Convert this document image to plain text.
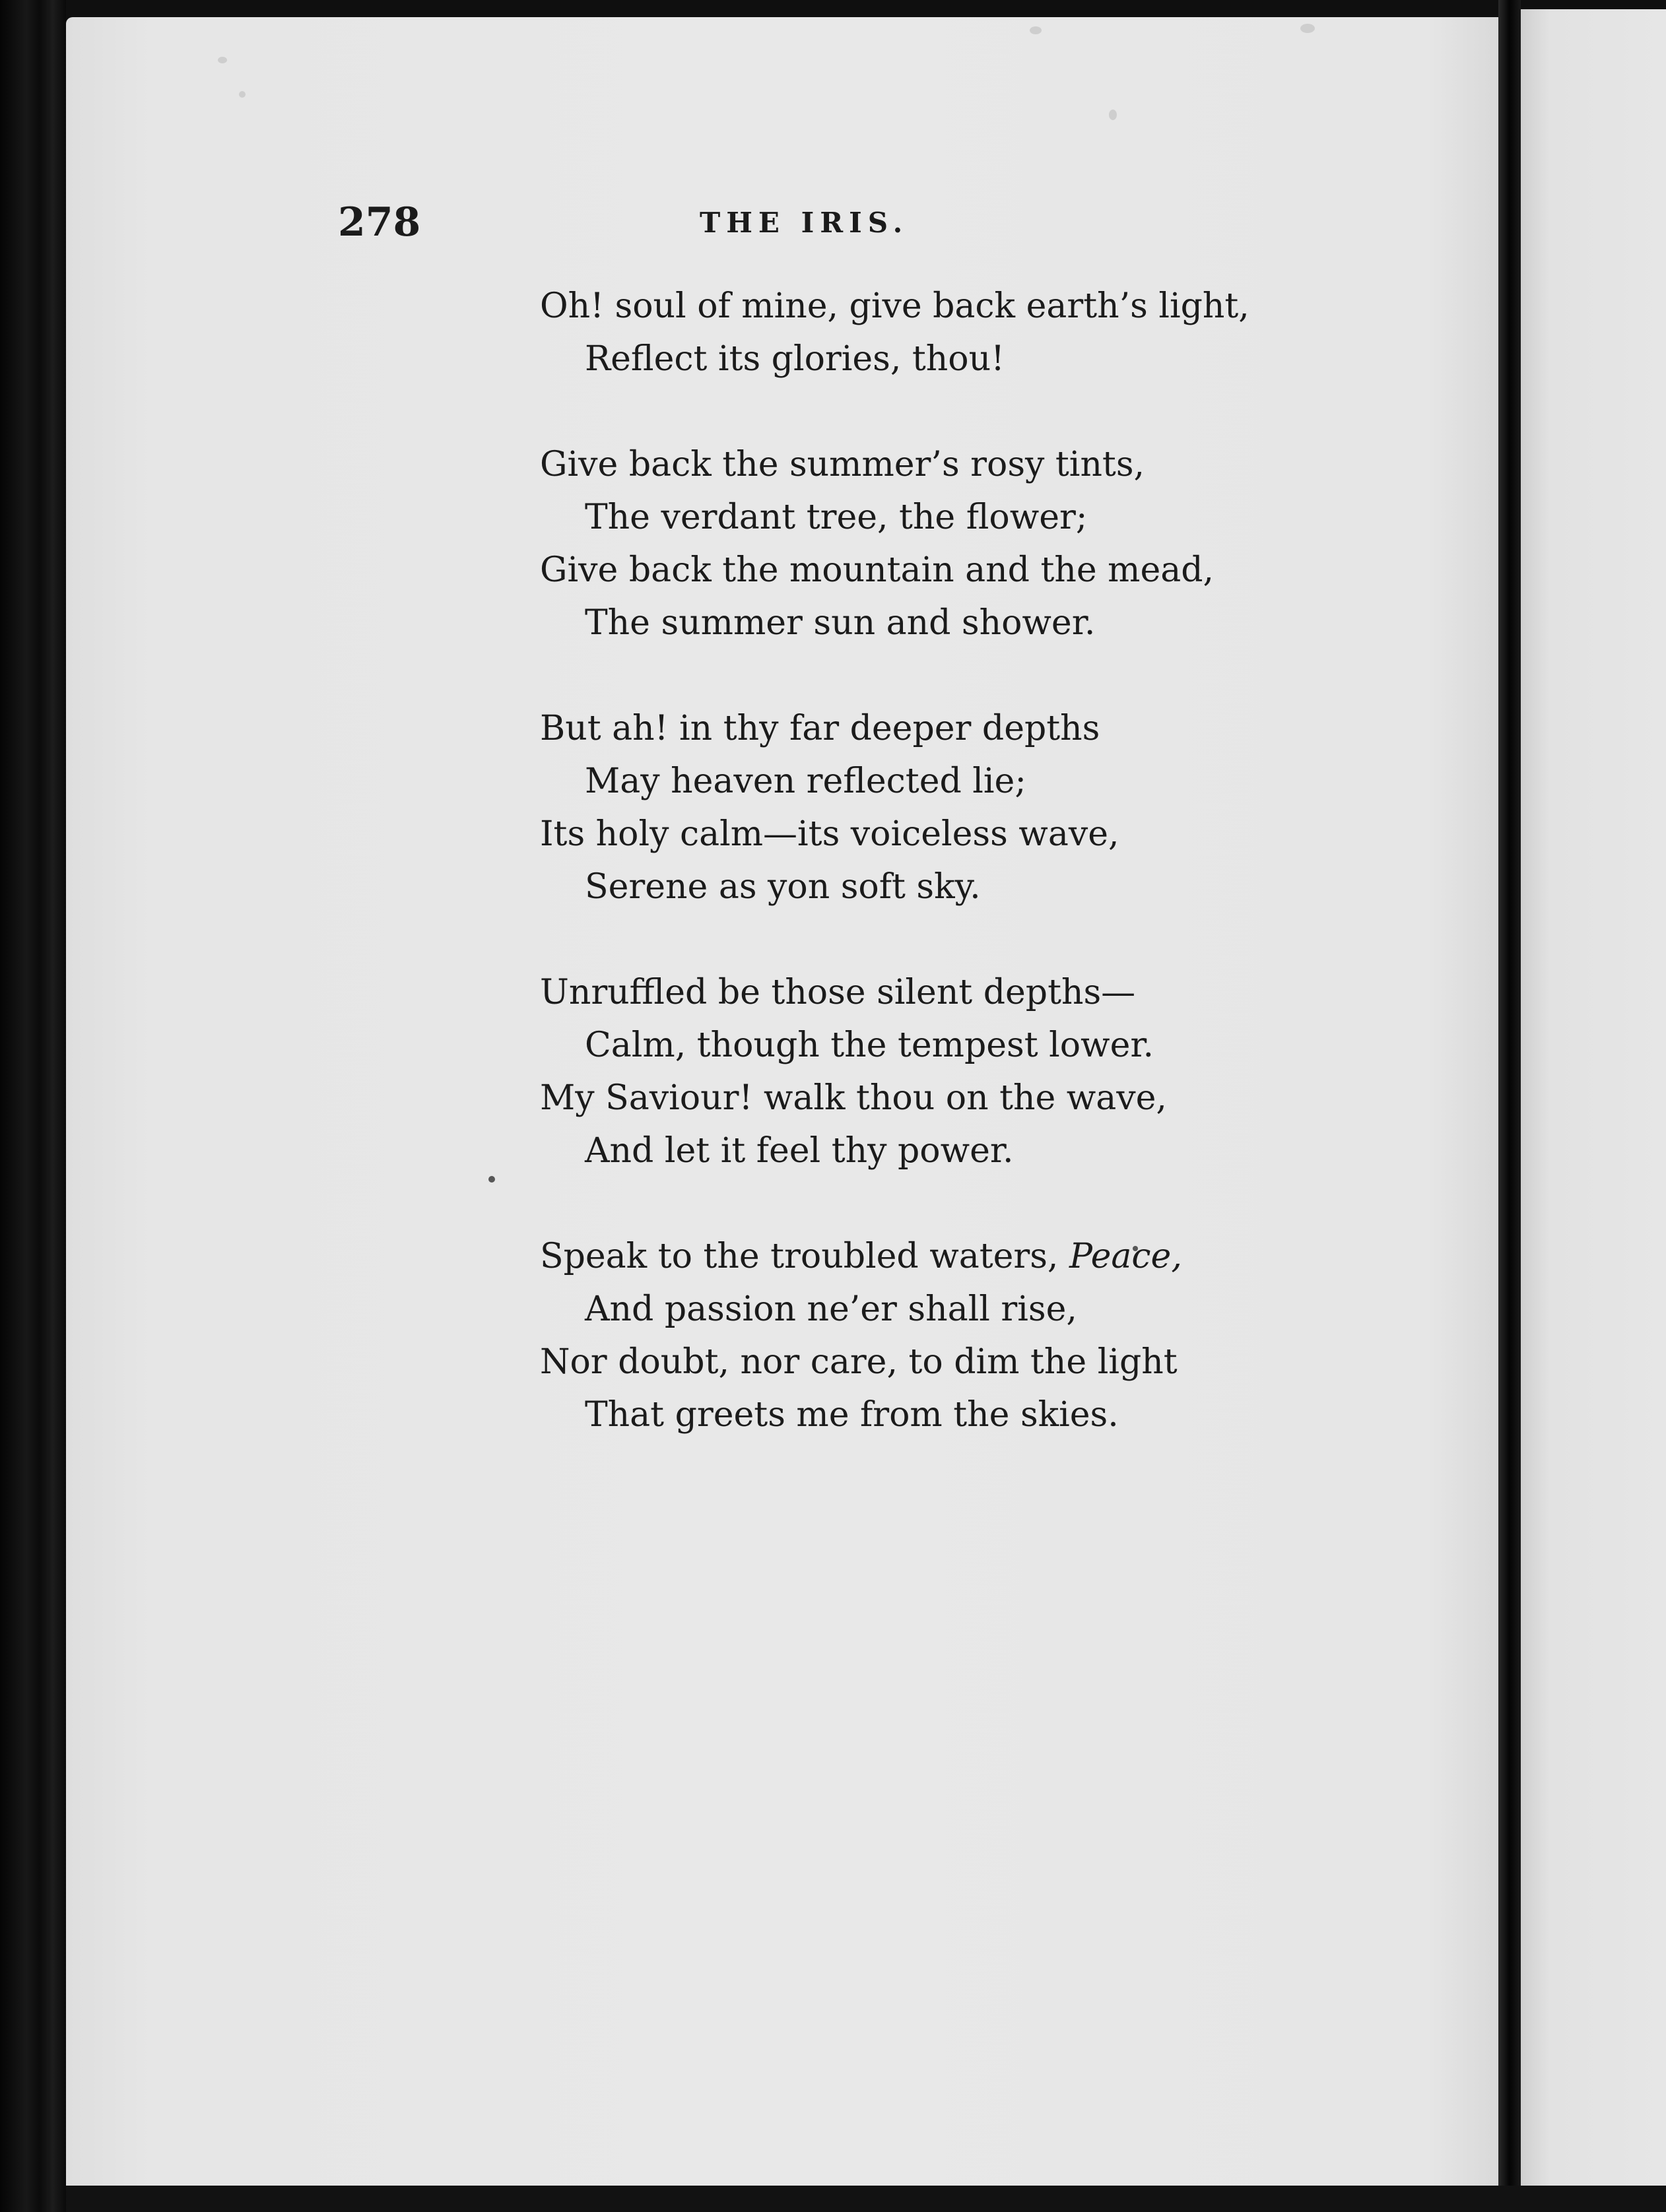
278	THE IRIS.
Oh! soul of mine, give back earth’s light,
Reflect its glories, thou!
Give back the summer’s rosy tints,
The verdant tree, the flower;
Give back the mountain and the mead,
The summer sun and shower.
But ah! in thy far deeper depths
May heaven reflected lie;
Its holy calm—its voiceless wave,
Serene as yon soft sky.
Unruffled be those silent depths—
Calm, though the tempest lower.
My Saviour! walk thou on the wave,
And let it feel thy power.
Speak to the troubled waters, Peace,
And passion ne’er shall rise,
Nor doubt, nor care, to dim the light
That greets me from the skies.
